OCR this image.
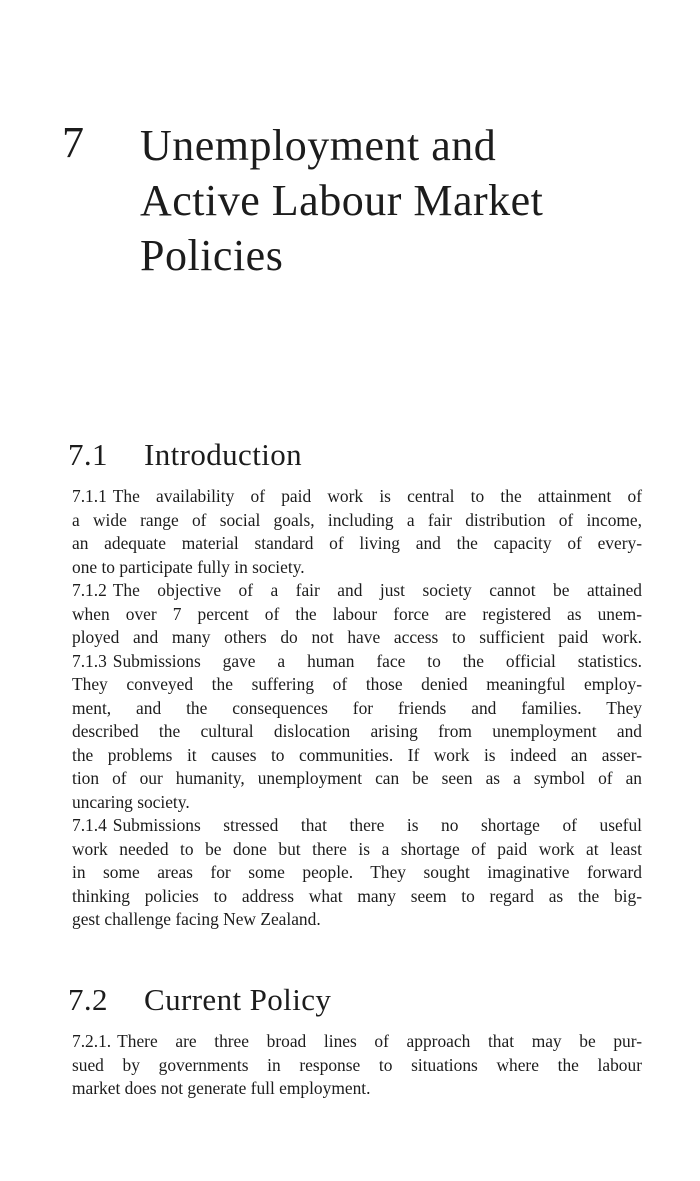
7 Unemployment and
Active Labour Market
Policies
7.1 Introduction

7.1.1 The availability of paid work is central to the attainment of
a wide range of social goals, including a fair distribution of income,
an adequate material standard of living and the capacity of every-
one to participate fully in society.

7.1.2 The objective of a fair and just society cannot be attained
when over 7 percent of the labour force are registered as unem-
ployed and many others do not have access to sufficient paid work.

7.1.3 Submissions gave a human face to the official statistics.
They conveyed the suffering of those denied meaningful employ-
ment, and the consequences for friends and families. They
described the cultural dislocation arising from unemployment and
the problems it causes to communities. If work is indeed an asser-
tion of our humanity, unemployment can be seen as a symbol of an
uncaring society.

7.1.4 Submissions stressed that there is no shortage of useful
work needed to be done but there is a shortage of paid work at least
in some areas for some people. They sought imaginative forward
thinking policies to address what many seem to regard as the big-
gest challenge facing New Zealand.

7.2 Current Policy

7.2.1. There are three broad lines of approach that may be pur-
sued by governments in response to situations where the labour
market does not generate full employment.
